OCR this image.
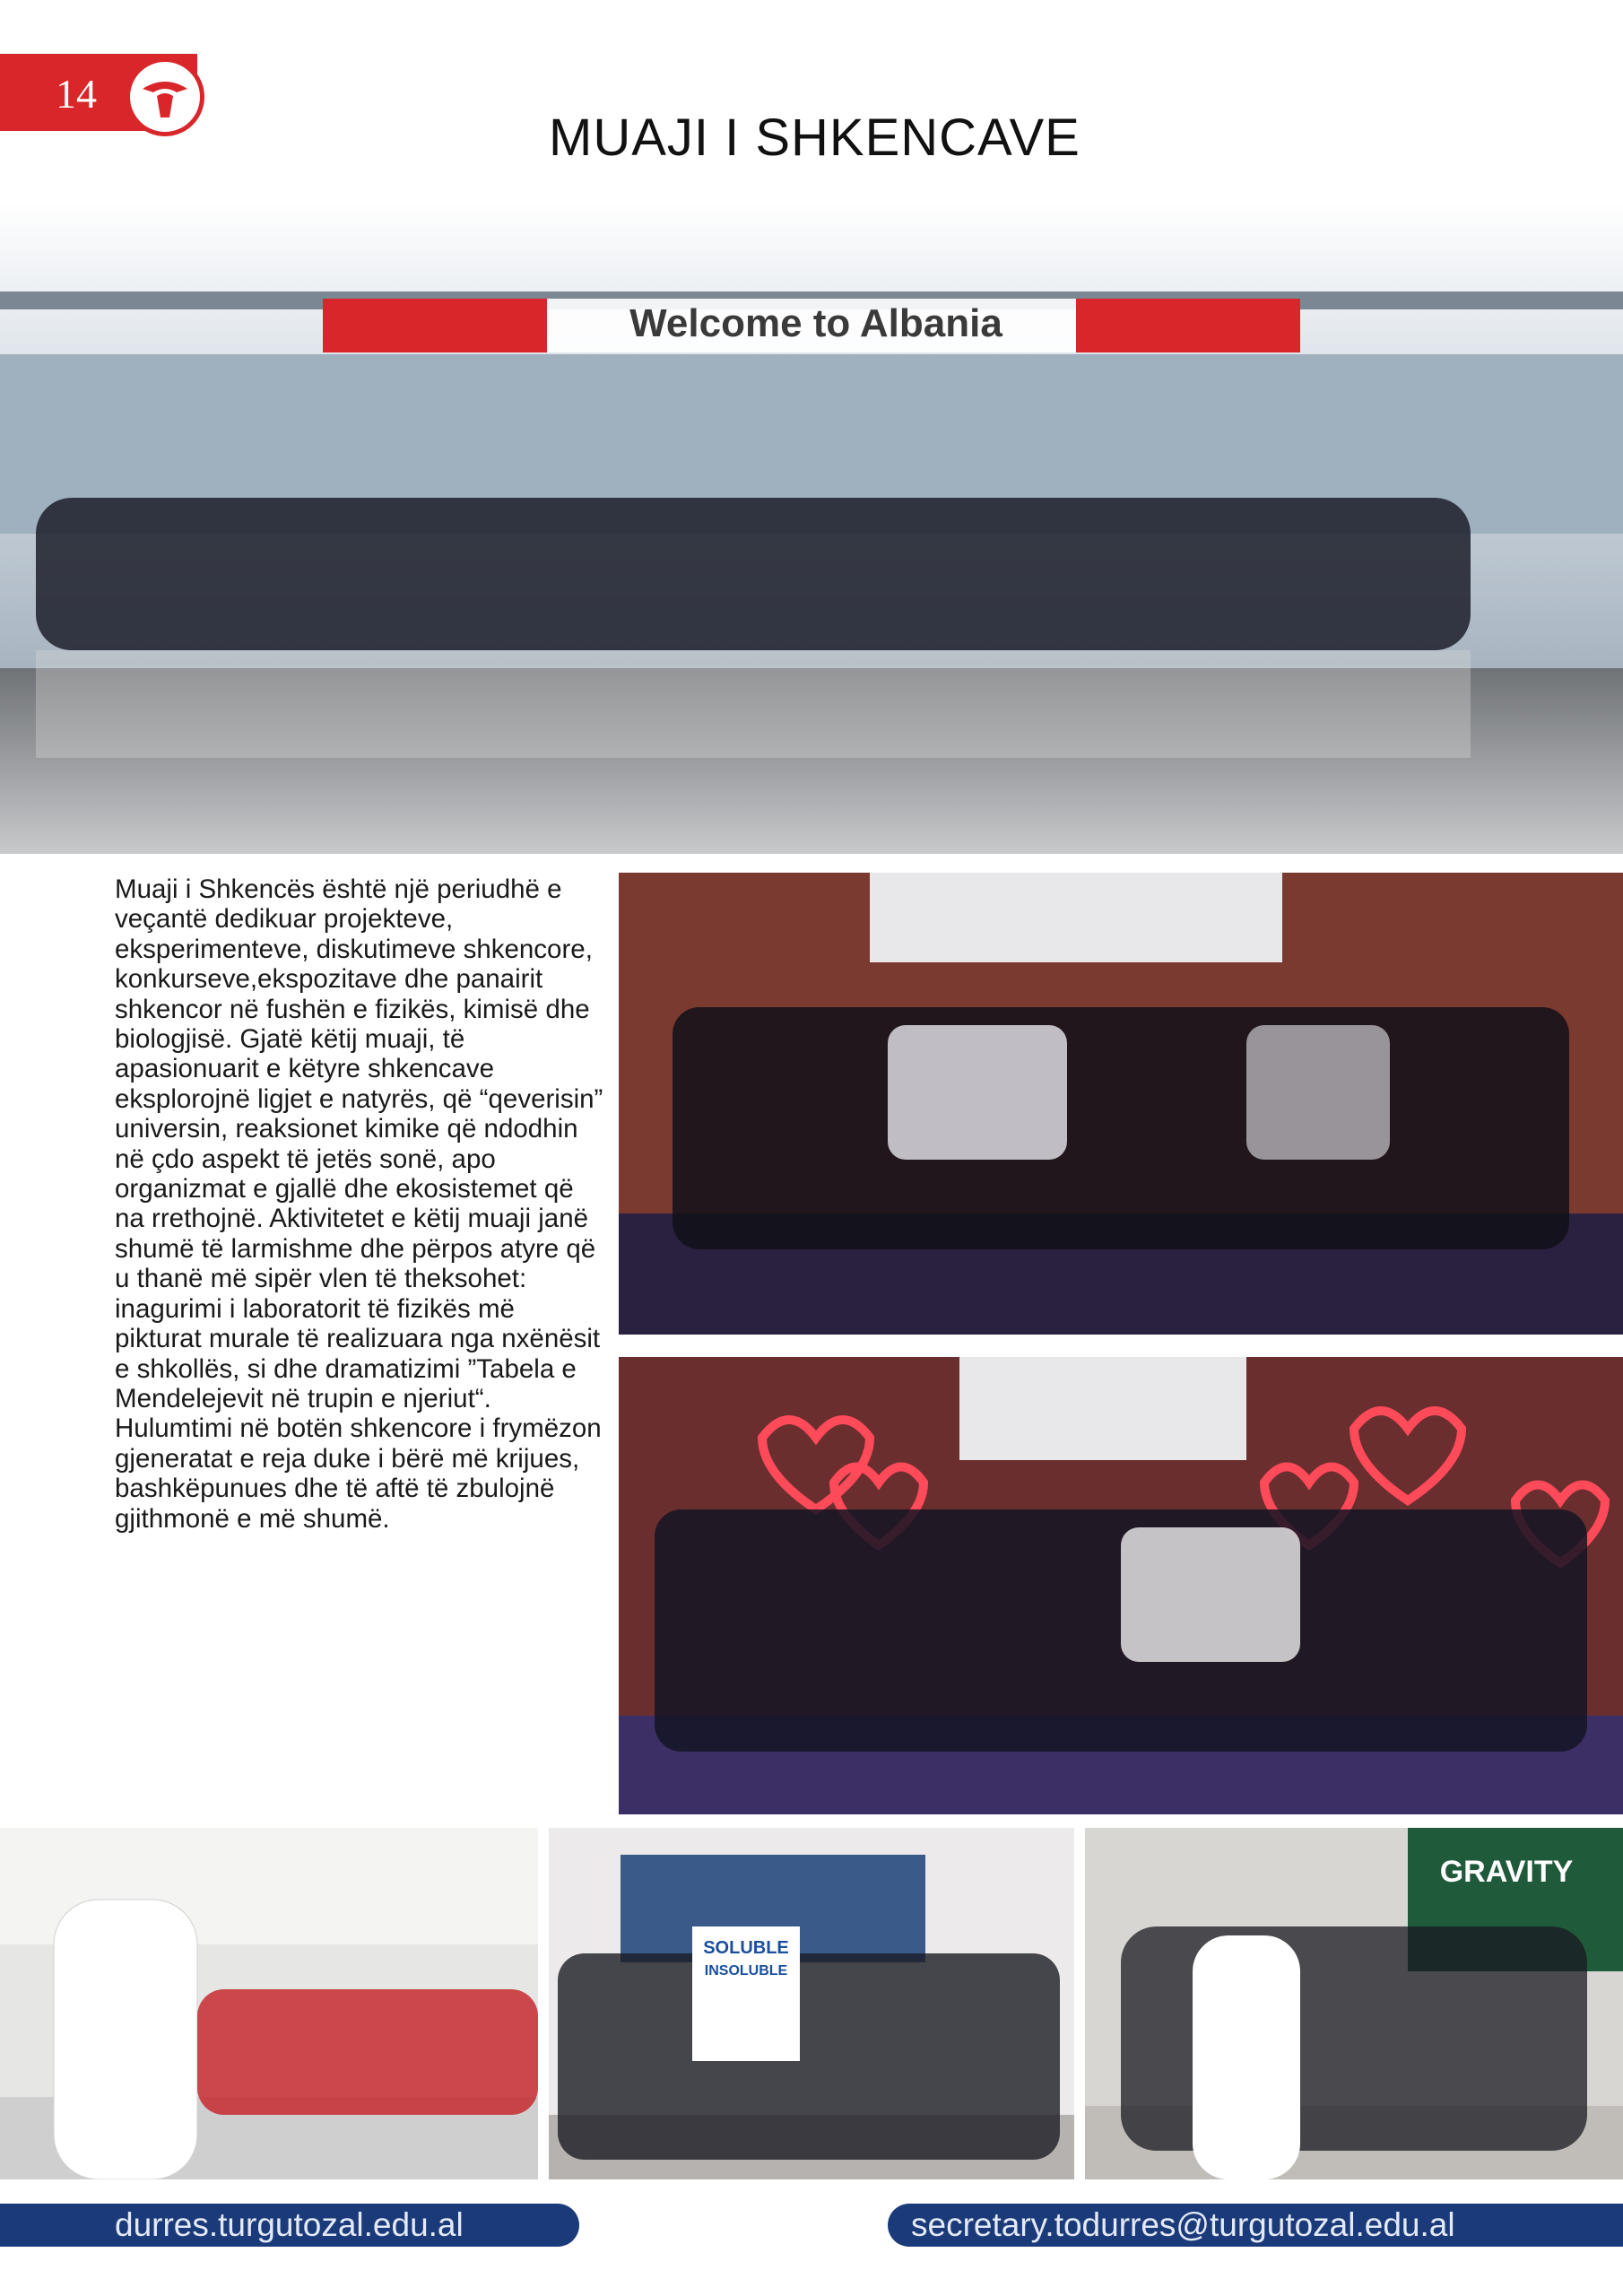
14
MUAJI I SHKENCAVE
Welcome to Albania

Muaji i Shkencës është një periudhë e veçantë dedikuar projekteve, eksperimenteve, diskutimeve shkencore, konkurseve,ekspozitave dhe panairit shkencor në fushën e fizikës, kimisë dhe biologjisë. Gjatë këtij muaji, të apasionuarit e këtyre shkencave eksplorojnë ligjet e natyrës, që “qeverisin” universin, reaksionet kimike që ndodhin në çdo aspekt të jetës sonë, apo organizmat e gjallë dhe ekosistemet që na rrethojnë. Aktivitetet e këtij muaji janë shumë të larmishme dhe përpos atyre që u thanë më sipër vlen të theksohet: inagurimi i laboratorit të fizikës më pikturat murale të realizuara nga nxënësit e shkollës, si dhe dramatizimi ”Tabela e Mendelejevit në trupin e njeriut“. Hulumtimi në botën shkencore i frymëzon gjeneratat e reja duke i bërë më krijues, bashkëpunues dhe të aftë të zbulojnë gjithmonë e më shumë.

SOLUBLE
INSOLUBLE
GRAVITY
durres.turgutozal.edu.al	secretary.todurres@turgutozal.edu.al
